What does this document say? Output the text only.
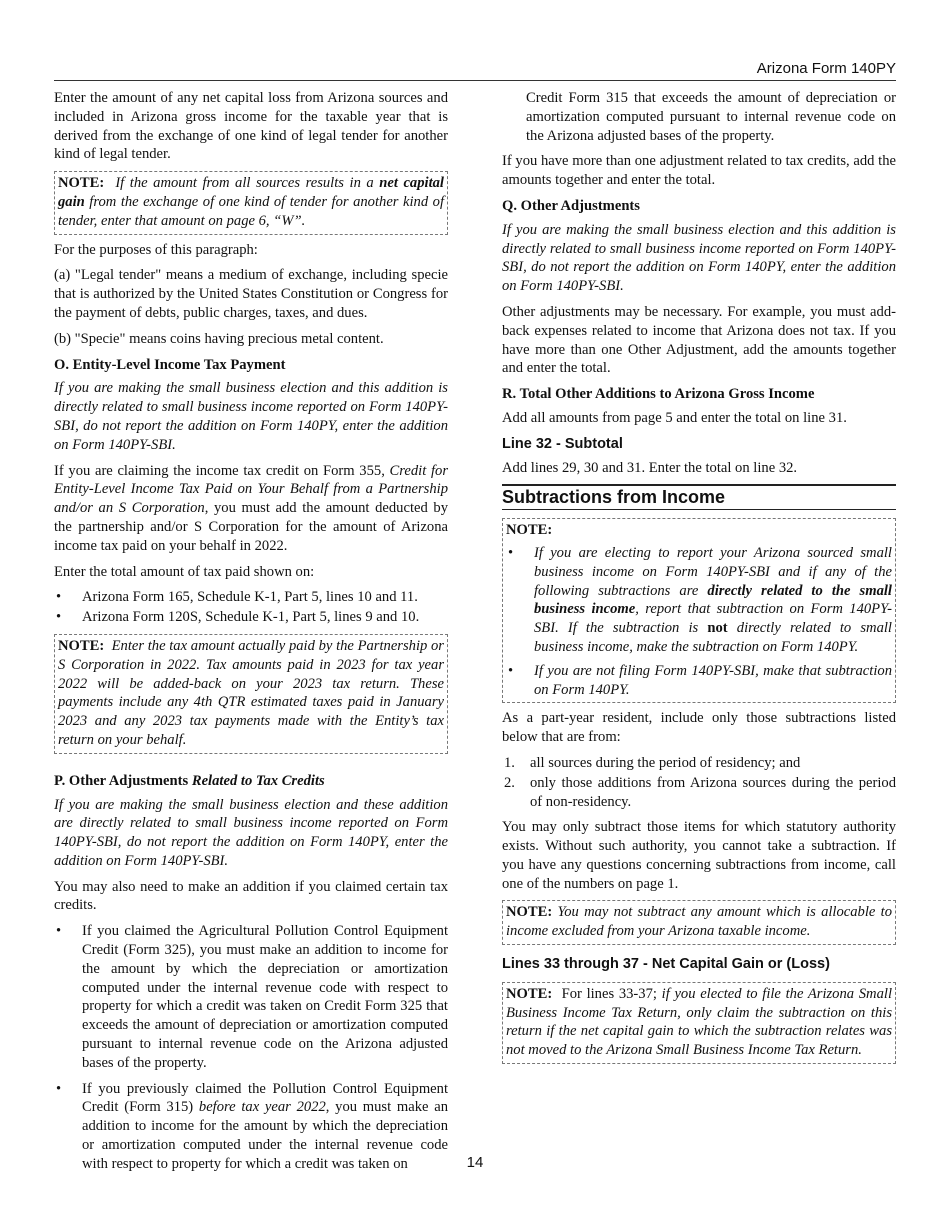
Arizona Form 140PY

Enter the amount of any net capital loss from Arizona sources and included in Arizona gross income for the taxable year that is derived from the exchange of one kind of legal tender for another kind of legal tender.

NOTE: If the amount from all sources results in a net capital gain from the exchange of one kind of tender for another kind of tender, enter that amount on page 6, “W”.

For the purposes of this paragraph:

(a) "Legal tender" means a medium of exchange, including specie that is authorized by the United States Constitution or Congress for the payment of debts, public charges, taxes, and dues.

(b) "Specie" means coins having precious metal content.

O. Entity-Level Income Tax Payment

If you are making the small business election and this addition is directly related to small business income reported on Form 140PY-SBI, do not report the addition on Form 140PY, enter the addition on Form 140PY-SBI.

If you are claiming the income tax credit on Form 355, Credit for Entity-Level Income Tax Paid on Your Behalf from a Partnership and/or an S Corporation, you must add the amount deducted by the partnership and/or S Corporation for the amount of Arizona income tax paid on your behalf in 2022.

Enter the total amount of tax paid shown on:

• Arizona Form 165, Schedule K-1, Part 5, lines 10 and 11.
• Arizona Form 120S, Schedule K-1, Part 5, lines 9 and 10.

NOTE: Enter the tax amount actually paid by the Partnership or S Corporation in 2022. Tax amounts paid in 2023 for tax year 2022 will be added-back on your 2023 tax return. These payments include any 4th QTR estimated taxes paid in January 2023 and any 2023 tax payments made with the Entity’s tax return on your behalf.

P. Other Adjustments Related to Tax Credits

If you are making the small business election and these addition are directly related to small business income reported on Form 140PY-SBI, do not report the addition on Form 140PY, enter the addition on Form 140PY-SBI.

You may also need to make an addition if you claimed certain tax credits.

• If you claimed the Agricultural Pollution Control Equipment Credit (Form 325), you must make an addition to income for the amount by which the depreciation or amortization computed under the internal revenue code with respect to property for which a credit was taken on Credit Form 325 that exceeds the amount of depreciation or amortization computed pursuant to internal revenue code on the Arizona adjusted bases of the property.
• If you previously claimed the Pollution Control Equipment Credit (Form 315) before tax year 2022, you must make an addition to income for the amount by which the depreciation or amortization computed under the internal revenue code with respect to property for which a credit was taken on

Credit Form 315 that exceeds the amount of depreciation or amortization computed pursuant to internal revenue code on the Arizona adjusted bases of the property.

If you have more than one adjustment related to tax credits, add the amounts together and enter the total.

Q. Other Adjustments

If you are making the small business election and this addition is directly related to small business income reported on Form 140PY-SBI, do not report the addition on Form 140PY, enter the addition on Form 140PY-SBI.

Other adjustments may be necessary. For example, you must add-back expenses related to income that Arizona does not tax. If you have more than one Other Adjustment, add the amounts together and enter the total.

R. Total Other Additions to Arizona Gross Income

Add all amounts from page 5 and enter the total on line 31.

Line 32 - Subtotal

Add lines 29, 30 and 31. Enter the total on line 32.

Subtractions from Income

NOTE:

• If you are electing to report your Arizona sourced small business income on Form 140PY-SBI and if any of the following subtractions are directly related to the small business income, report that subtraction on Form 140PY-SBI. If the subtraction is not directly related to small business income, make the subtraction on Form 140PY.
• If you are not filing Form 140PY-SBI, make that subtraction on Form 140PY.

As a part-year resident, include only those subtractions listed below that are from:

1. all sources during the period of residency; and
2. only those additions from Arizona sources during the period of non-residency.

You may only subtract those items for which statutory authority exists. Without such authority, you cannot take a subtraction. If you have any questions concerning subtractions from income, call one of the numbers on page 1.

NOTE: You may not subtract any amount which is allocable to income excluded from your Arizona taxable income.

Lines 33 through 37 - Net Capital Gain or (Loss)

NOTE: For lines 33-37; if you elected to file the Arizona Small Business Income Tax Return, only claim the subtraction on this return if the net capital gain to which the subtraction relates was not moved to the Arizona Small Business Income Tax Return.

14
